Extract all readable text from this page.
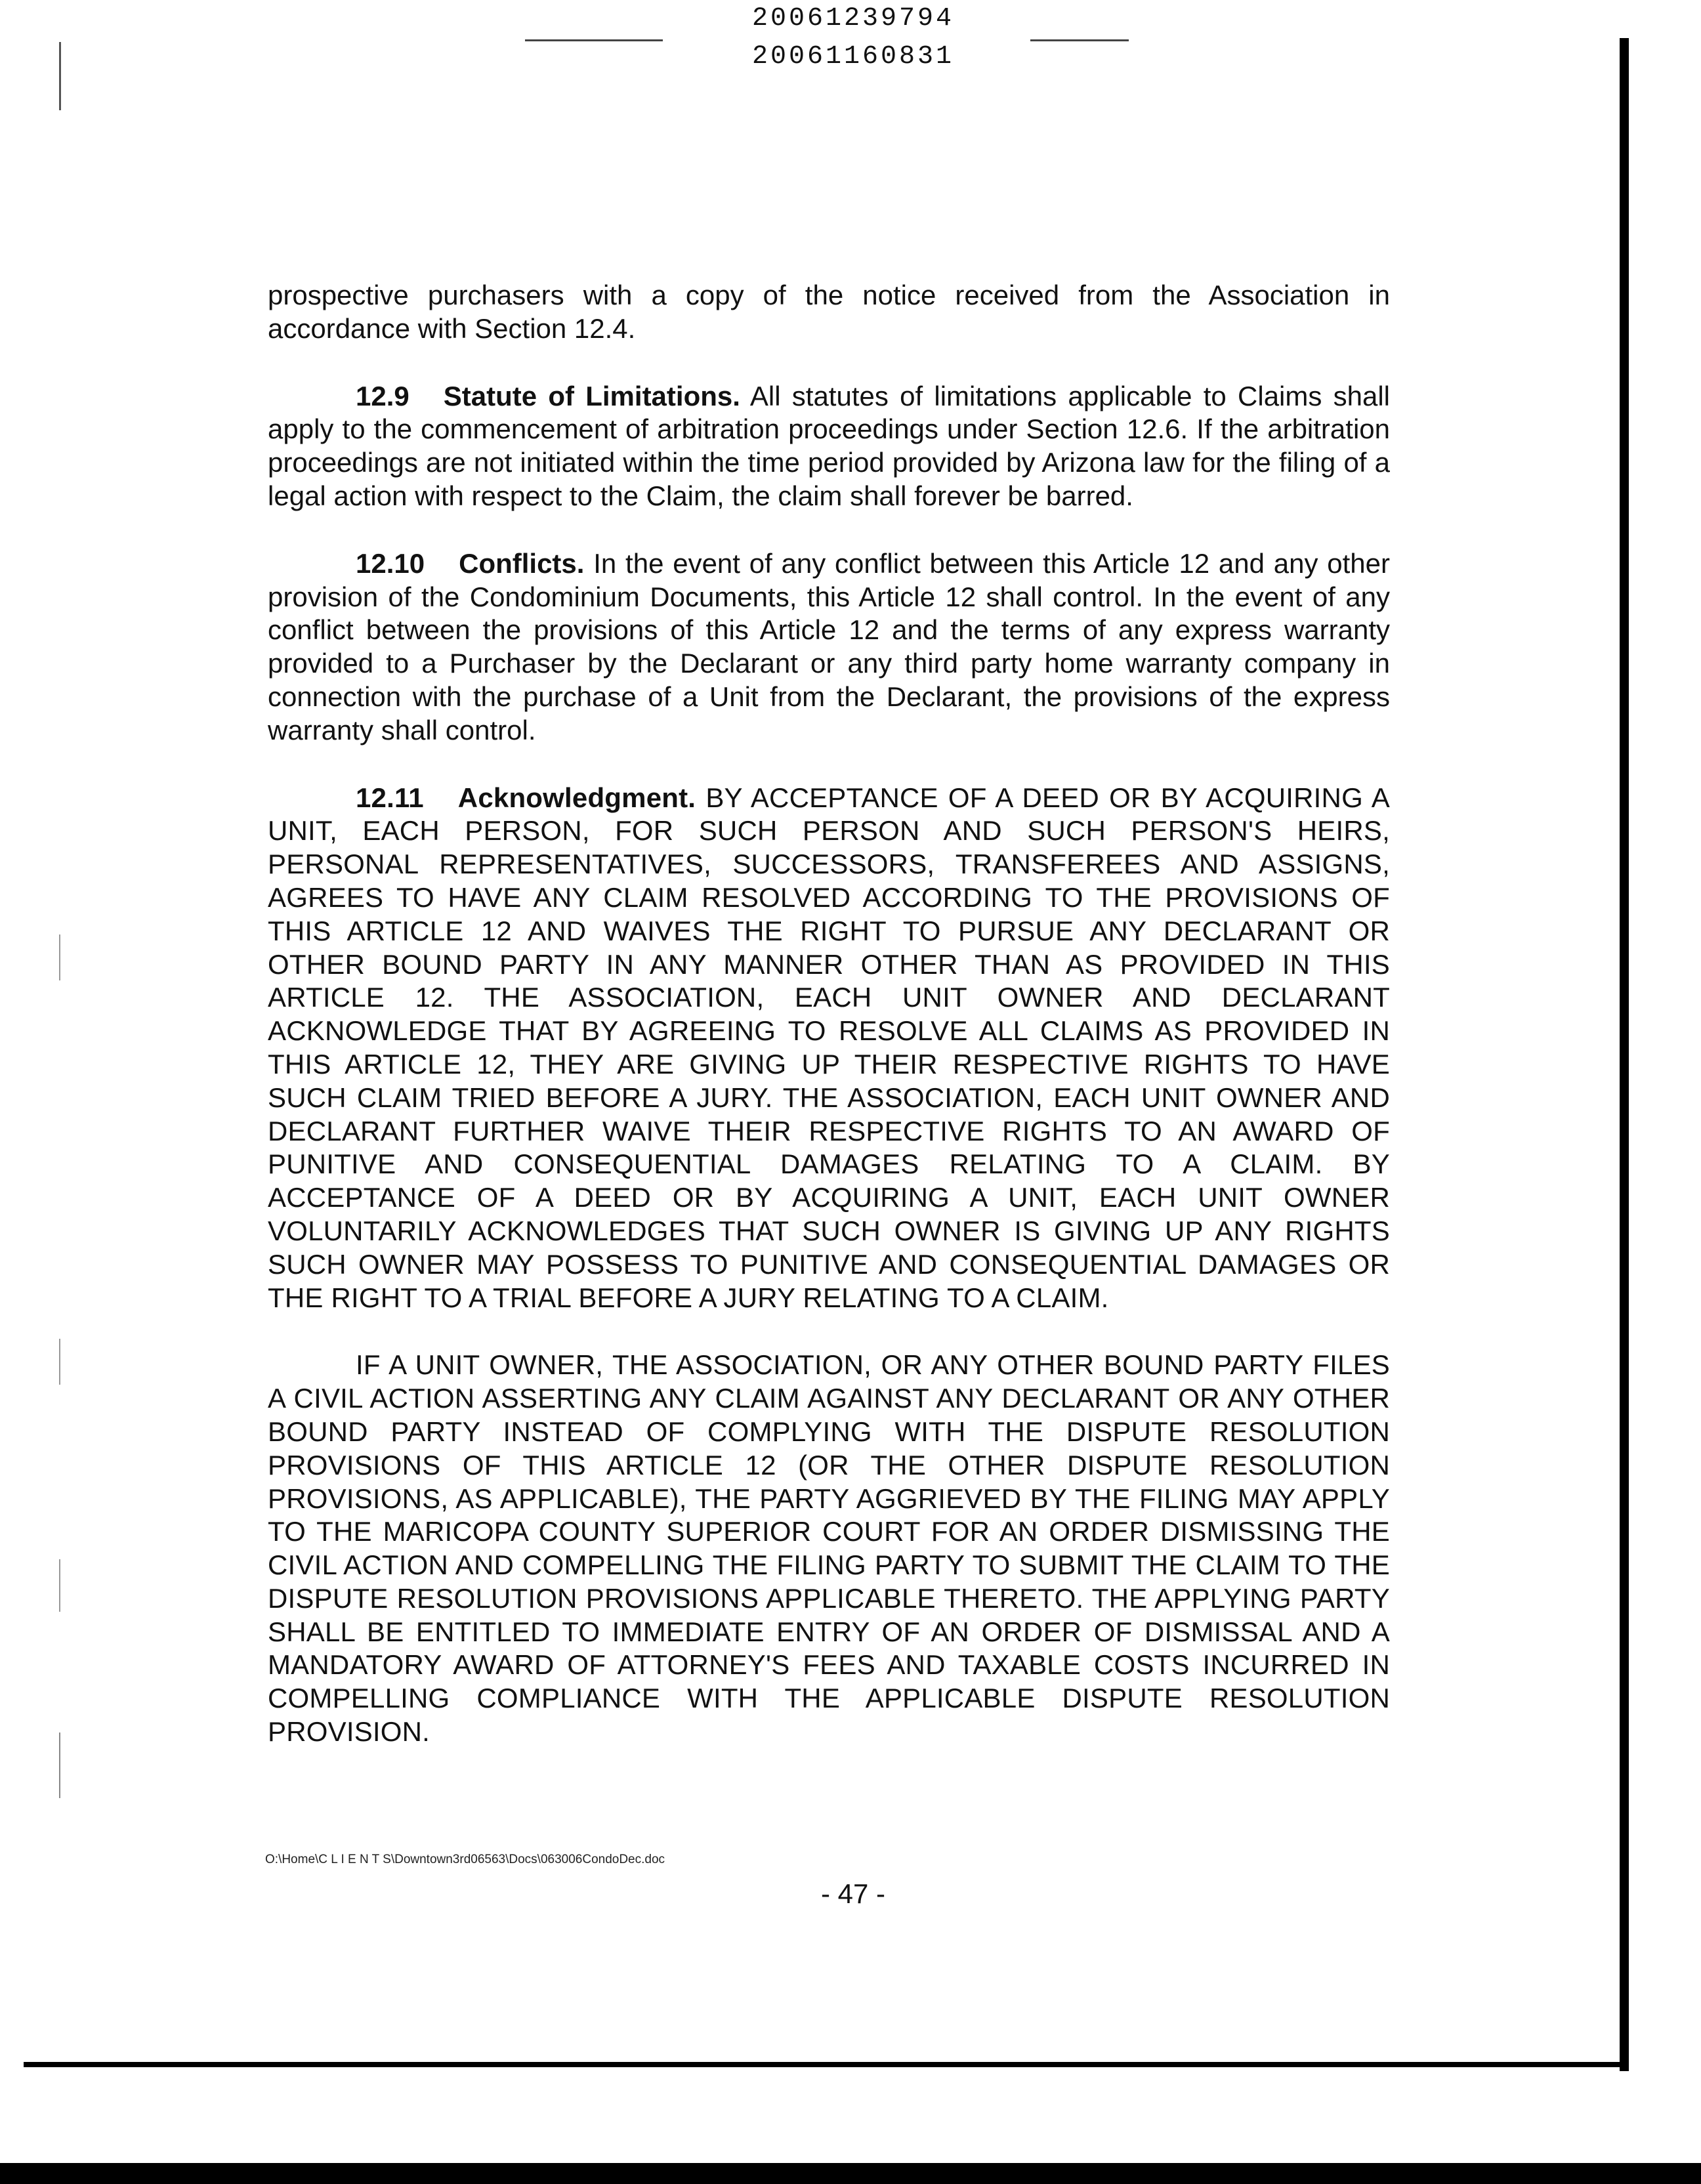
20061239794
20061160831

prospective purchasers with a copy of the notice received from the Association in accordance with Section 12.4.

12.9 Statute of Limitations. All statutes of limitations applicable to Claims shall apply to the commencement of arbitration proceedings under Section 12.6. If the arbitration proceedings are not initiated within the time period provided by Arizona law for the filing of a legal action with respect to the Claim, the claim shall forever be barred.

12.10 Conflicts. In the event of any conflict between this Article 12 and any other provision of the Condominium Documents, this Article 12 shall control. In the event of any conflict between the provisions of this Article 12 and the terms of any express warranty provided to a Purchaser by the Declarant or any third party home warranty company in connection with the purchase of a Unit from the Declarant, the provisions of the express warranty shall control.

12.11 Acknowledgment. BY ACCEPTANCE OF A DEED OR BY ACQUIRING A UNIT, EACH PERSON, FOR SUCH PERSON AND SUCH PERSON'S HEIRS, PERSONAL REPRESENTATIVES, SUCCESSORS, TRANSFEREES AND ASSIGNS, AGREES TO HAVE ANY CLAIM RESOLVED ACCORDING TO THE PROVISIONS OF THIS ARTICLE 12 AND WAIVES THE RIGHT TO PURSUE ANY DECLARANT OR OTHER BOUND PARTY IN ANY MANNER OTHER THAN AS PROVIDED IN THIS ARTICLE 12. THE ASSOCIATION, EACH UNIT OWNER AND DECLARANT ACKNOWLEDGE THAT BY AGREEING TO RESOLVE ALL CLAIMS AS PROVIDED IN THIS ARTICLE 12, THEY ARE GIVING UP THEIR RESPECTIVE RIGHTS TO HAVE SUCH CLAIM TRIED BEFORE A JURY. THE ASSOCIATION, EACH UNIT OWNER AND DECLARANT FURTHER WAIVE THEIR RESPECTIVE RIGHTS TO AN AWARD OF PUNITIVE AND CONSEQUENTIAL DAMAGES RELATING TO A CLAIM. BY ACCEPTANCE OF A DEED OR BY ACQUIRING A UNIT, EACH UNIT OWNER VOLUNTARILY ACKNOWLEDGES THAT SUCH OWNER IS GIVING UP ANY RIGHTS SUCH OWNER MAY POSSESS TO PUNITIVE AND CONSEQUENTIAL DAMAGES OR THE RIGHT TO A TRIAL BEFORE A JURY RELATING TO A CLAIM.

IF A UNIT OWNER, THE ASSOCIATION, OR ANY OTHER BOUND PARTY FILES A CIVIL ACTION ASSERTING ANY CLAIM AGAINST ANY DECLARANT OR ANY OTHER BOUND PARTY INSTEAD OF COMPLYING WITH THE DISPUTE RESOLUTION PROVISIONS OF THIS ARTICLE 12 (OR THE OTHER DISPUTE RESOLUTION PROVISIONS, AS APPLICABLE), THE PARTY AGGRIEVED BY THE FILING MAY APPLY TO THE MARICOPA COUNTY SUPERIOR COURT FOR AN ORDER DISMISSING THE CIVIL ACTION AND COMPELLING THE FILING PARTY TO SUBMIT THE CLAIM TO THE DISPUTE RESOLUTION PROVISIONS APPLICABLE THERETO. THE APPLYING PARTY SHALL BE ENTITLED TO IMMEDIATE ENTRY OF AN ORDER OF DISMISSAL AND A MANDATORY AWARD OF ATTORNEY'S FEES AND TAXABLE COSTS INCURRED IN COMPELLING COMPLIANCE WITH THE APPLICABLE DISPUTE RESOLUTION PROVISION.

O:\Home\C L I E N T S\Downtown3rd06563\Docs\063006CondoDec.doc
- 47 -
